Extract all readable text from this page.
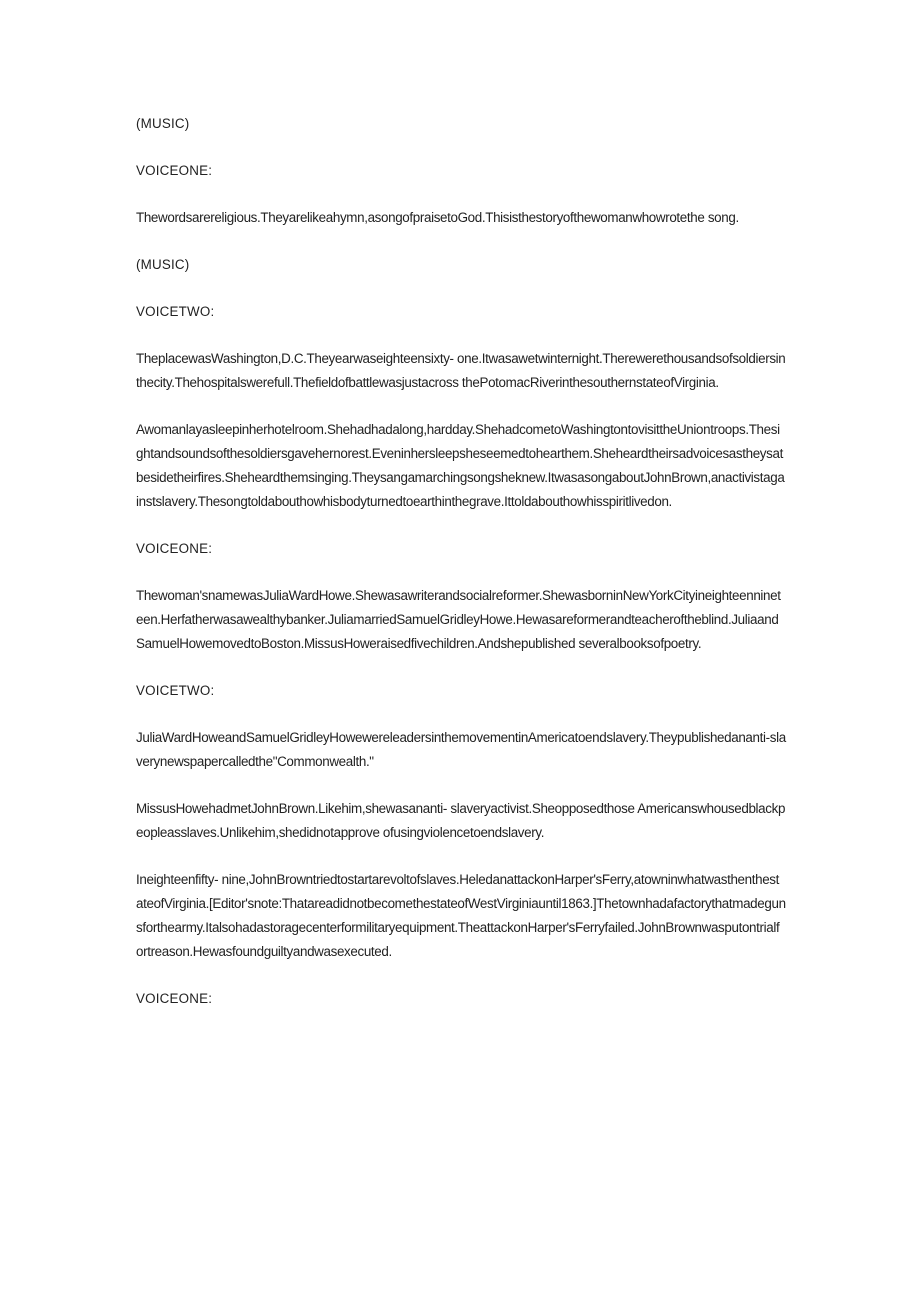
(MUSIC)

VOICEONE:

Thewordsarereligious.Theyarelikeahymn,asongofpraisetoGod.Thisisthestoryofthewomanwhowrotethe song.

(MUSIC)

VOICETWO:

TheplacewasWashington,D.C.Theyearwaseighteensixty- one.Itwasawetwinternight.Therewerethousandsofsoldiersinthecity.Thehospitalswerefull.Thefieldofbattlewasjustacross thePotomacRiverinthesouthernstateofVirginia.

Awomanlayasleepinherhotelroom.Shehadhadalong,hardday.ShehadcometoWashingtontovisittheUniontroops.Thesightandsoundsofthesoldiersgavehernorest.Eveninhersleepsheseemedtohearthem.Sheheardtheirsadvoicesastheysatbesidetheirfires.Sheheardthemsinging.Theysangamarchingsongsheknew.ItwasasongaboutJohnBrown,anactivistagainstslavery.Thesongtoldabouthowhisbodyturnedtoearthinthegrave.Ittoldabouthowhisspiritlivedon.

VOICEONE:

Thewoman'snamewasJuliaWardHowe.Shewasawriterandsocialreformer.ShewasborninNewYorkCityineighteennineteen.Herfatherwasawealthybanker.JuliamarriedSamuelGridleyHowe.Hewasareformerandteacheroftheblind.JuliaandSamuelHowemovedtoBoston.MissusHoweraisedfivechildren.Andshepublished severalbooksofpoetry.

VOICETWO:

JuliaWardHoweandSamuelGridleyHowewereleadersinthemovementinAmericatoendslavery.Theypublishedananti-slaverynewspapercalledthe"Commonwealth."

MissusHowehadmetJohnBrown.Likehim,shewasananti- slaveryactivist.Sheopposedthose Americanswhousedblackpeopleasslaves.Unlikehim,shedidnotapprove ofusingviolencetoendslavery.

Ineighteenfifty- nine,JohnBrowntriedtostartarevoltofslaves.HeledanattackonHarper'sFerry,atowninwhatwasthenthestateofVirginia.[Editor'snote:ThatareadidnotbecomethestateofWestVirginiauntil1863.]Thetownhadafactorythatmadegunsforthearmy.Italsohadastoragecenterformilitaryequipment.TheattackonHarper'sFerryfailed.JohnBrownwasputontrialfortreason.Hewasfoundguiltyandwasexecuted.

VOICEONE:
